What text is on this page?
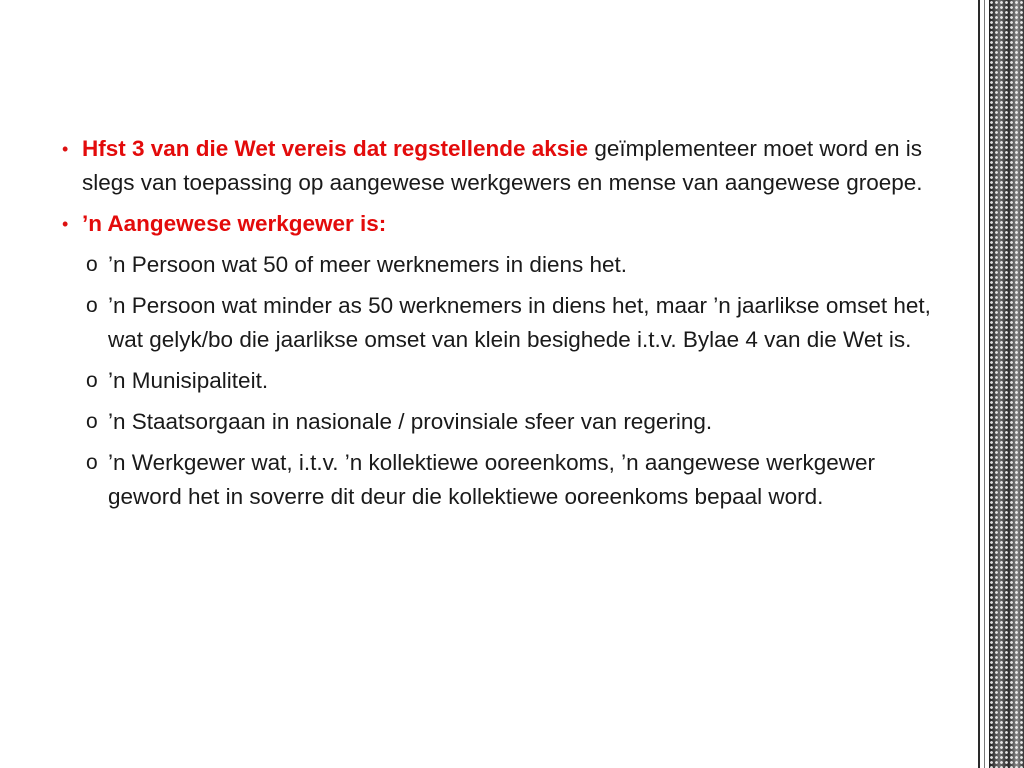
• Hfst 3 van die Wet vereis dat regstellende aksie geïmplementeer moet word en is slegs van toepassing op aangewese werkgewers en mense van aangewese groepe.
• ’n Aangewese werkgewer is:
o ’n Persoon wat 50 of meer werknemers in diens het.
o ’n Persoon wat minder as 50 werknemers in diens het, maar ’n jaarlikse omset het, wat gelyk/bo die jaarlikse omset van klein besighede i.t.v. Bylae 4 van die Wet is.
o ’n Munisipaliteit.
o ’n Staatsorgaan in nasionale / provinsiale sfeer van regering.
o ’n Werkgewer wat, i.t.v. ’n kollektiewe ooreenkoms, ’n aangewese werkgewer geword het in soverre dit deur die kollektiewe ooreenkoms bepaal word.
